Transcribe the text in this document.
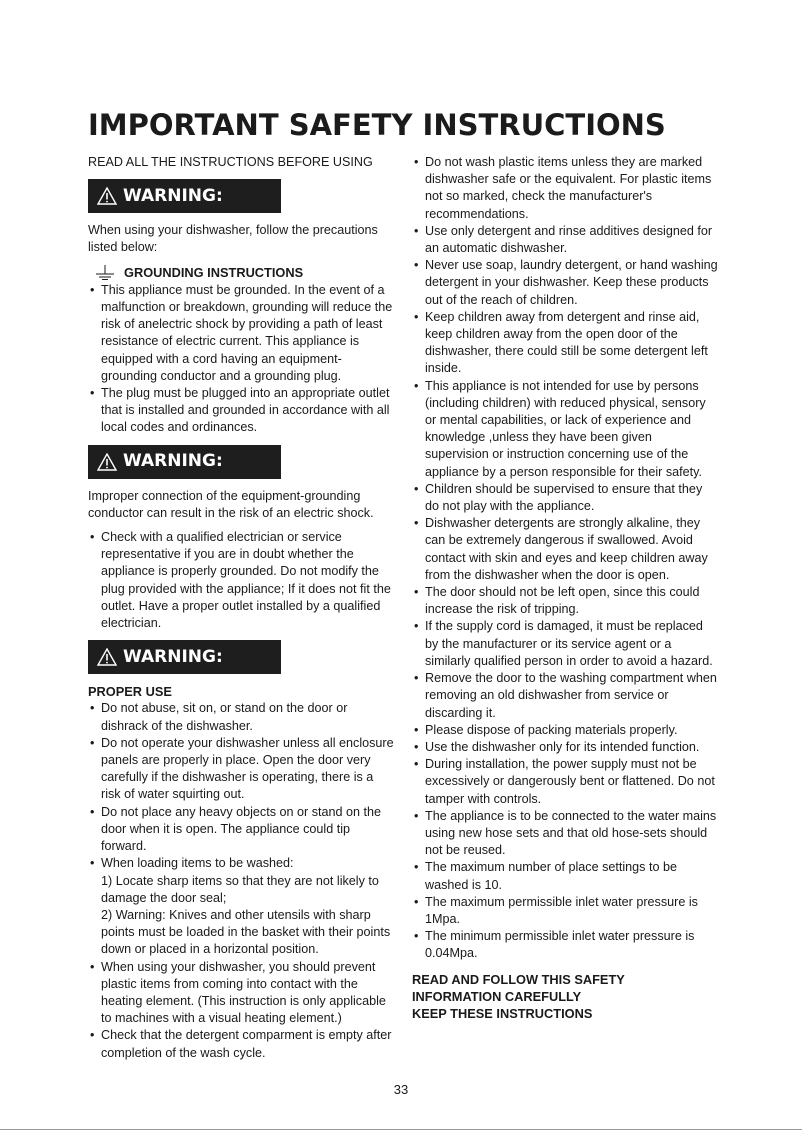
IMPORTANT SAFETY INSTRUCTIONS
READ ALL THE INSTRUCTIONS BEFORE USING
WARNING:

When using your dishwasher, follow the precautions listed below:

GROUNDING INSTRUCTIONS
• This appliance must be grounded. In the event of a malfunction or breakdown, grounding will reduce the risk of anelectric shock by providing a path of least resistance of electric current. This appliance is equipped with a cord having an equipment-grounding conductor and a grounding plug.
• The plug must be plugged into an appropriate outlet that is installed and grounded in accordance with all local codes and ordinances.
WARNING:

Improper connection of the equipment-grounding conductor can result in the risk of an electric shock.

• Check with a qualified electrician or service representative if you are in doubt whether the appliance is properly grounded. Do not modify the plug provided with the appliance; If it does not fit the outlet. Have a proper outlet installed by a qualified electrician.
WARNING:
PROPER USE
• Do not abuse, sit on, or stand on the door or dishrack of the dishwasher.
• Do not operate your dishwasher unless all enclosure panels are properly in place. Open the door very carefully if the dishwasher is operating, there is a risk of water squirting out.
• Do not place any heavy objects on or stand on the door when it is open. The appliance could tip forward.
• When loading items to be washed:
1) Locate sharp items so that they are not likely to damage the door seal;
2) Warning: Knives and other utensils with sharp points must be loaded in the basket with their points down or placed in a horizontal position.
• When using your dishwasher, you should prevent plastic items from coming into contact with the heating element. (This instruction is only applicable to machines with a visual heating element.)
• Check that the detergent comparment is empty after completion of the wash cycle.
• Do not wash plastic items unless they are marked dishwasher safe or the equivalent. For plastic items not so marked, check the manufacturer's recommendations.
• Use only detergent and rinse additives designed for an automatic dishwasher.
• Never use soap, laundry detergent, or hand washing detergent in your dishwasher. Keep these products out of the reach of children.
• Keep children away from detergent and rinse aid, keep children away from the open door of the dishwasher, there could still be some detergent left inside.
• This appliance is not intended for use by persons (including children) with reduced physical, sensory or mental capabilities, or lack of experience and knowledge ,unless they have been given supervision or instruction concerning use of the appliance by a person responsible for their safety.
• Children should be supervised to ensure that they do not play with the appliance.
• Dishwasher detergents are strongly alkaline, they can be extremely dangerous if swallowed. Avoid contact with skin and eyes and keep children away from the dishwasher when the door is open.
• The door should not be left open, since this could increase the risk of tripping.
• If the supply cord is damaged, it must be replaced by the manufacturer or its service agent or a similarly qualified person in order to avoid a hazard.
• Remove the door to the washing compartment when removing an old dishwasher from service or discarding it.
• Please dispose of packing materials properly.
• Use the dishwasher only for its intended function.
• During installation, the power supply must not be excessively or dangerously bent or flattened. Do not tamper with controls.
• The appliance is to be connected to the water mains using new hose sets and that old hose-sets should not be reused.
• The maximum number of place settings to be washed is 10.
• The maximum permissible inlet water pressure is 1Mpa.
• The minimum permissible inlet water pressure is 0.04Mpa.
READ AND FOLLOW THIS SAFETY
INFORMATION CAREFULLY
KEEP THESE INSTRUCTIONS
33
